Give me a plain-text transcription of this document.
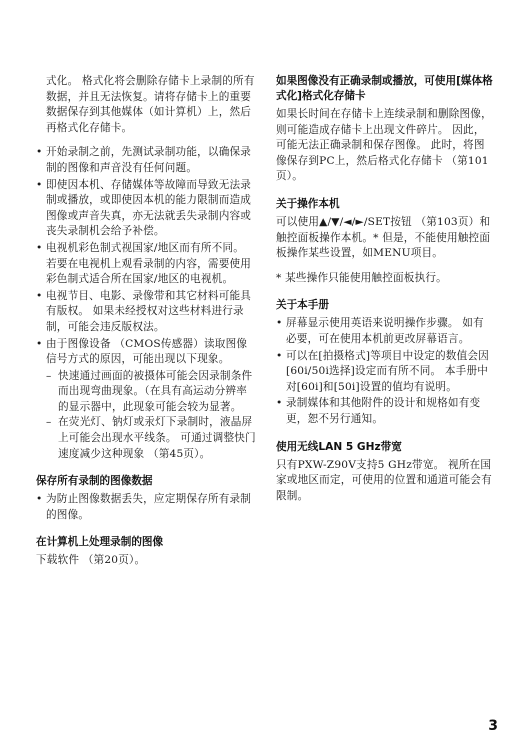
式化。 格式化将会删除存储卡上录制的所有数据，并且无法恢复。请将存储卡上的重要数据保存到其他媒体（如计算机）上，然后再格式化存储卡。

• 开始录制之前，先测试录制功能，以确保录制的图像和声音没有任何问题。
• 即使因本机、存储媒体等故障而导致无法录制或播放，或即使因本机的能力限制而造成图像或声音失真，亦无法就丢失录制内容或丧失录制机会给予补偿。
• 电视机彩色制式视国家/地区而有所不同。 若要在电视机上观看录制的内容，需要使用彩色制式适合所在国家/地区的电视机。
• 电视节目、电影、录像带和其它材料可能具有版权。 如果未经授权对这些材料进行录制，可能会违反版权法。
• 由于图像设备 （CMOS传感器）读取图像信号方式的原因，可能出现以下现象。
– 快速通过画面的被摄体可能会因录制条件而出现弯曲现象。（在具有高运动分辨率的显示器中，此现象可能会较为显著。
– 在荧光灯、钠灯或汞灯下录制时，液晶屏上可能会出现水平线条。 可通过调整快门速度减少这种现象 （第45页）。
保存所有录制的图像数据
• 为防止图像数据丢失，应定期保存所有录制的图像。
在计算机上处理录制的图像

下载软件 （第20页）。

如果图像没有正确录制或播放，可使用[媒体格式化]格式化存储卡

如果长时间在存储卡上连续录制和删除图像，则可能造成存储卡上出现文件碎片。 因此，可能无法正确录制和保存图像。 此时，将图像保存到PC上，然后格式化存储卡 （第101页）。

关于操作本机

可以使用▲/▼/◄/►/SET按钮 （第103页）和触控面板操作本机。* 但是，不能使用触控面板操作某些设置，如MENU项目。

* 某些操作只能使用触控面板执行。

关于本手册
• 屏幕显示使用英语来说明操作步骤。 如有必要，可在使用本机前更改屏幕语言。
• 可以在[拍摄格式]等项目中设定的数值会因[60i/50i选择]设定而有所不同。 本手册中对[60i]和[50i]设置的值均有说明。
• 录制媒体和其他附件的设计和规格如有变更，恕不另行通知。
使用无线LAN 5 GHz带宽

只有PXW-Z90V支持5 GHz带宽。 视所在国家或地区而定，可使用的位置和通道可能会有限制。

3
